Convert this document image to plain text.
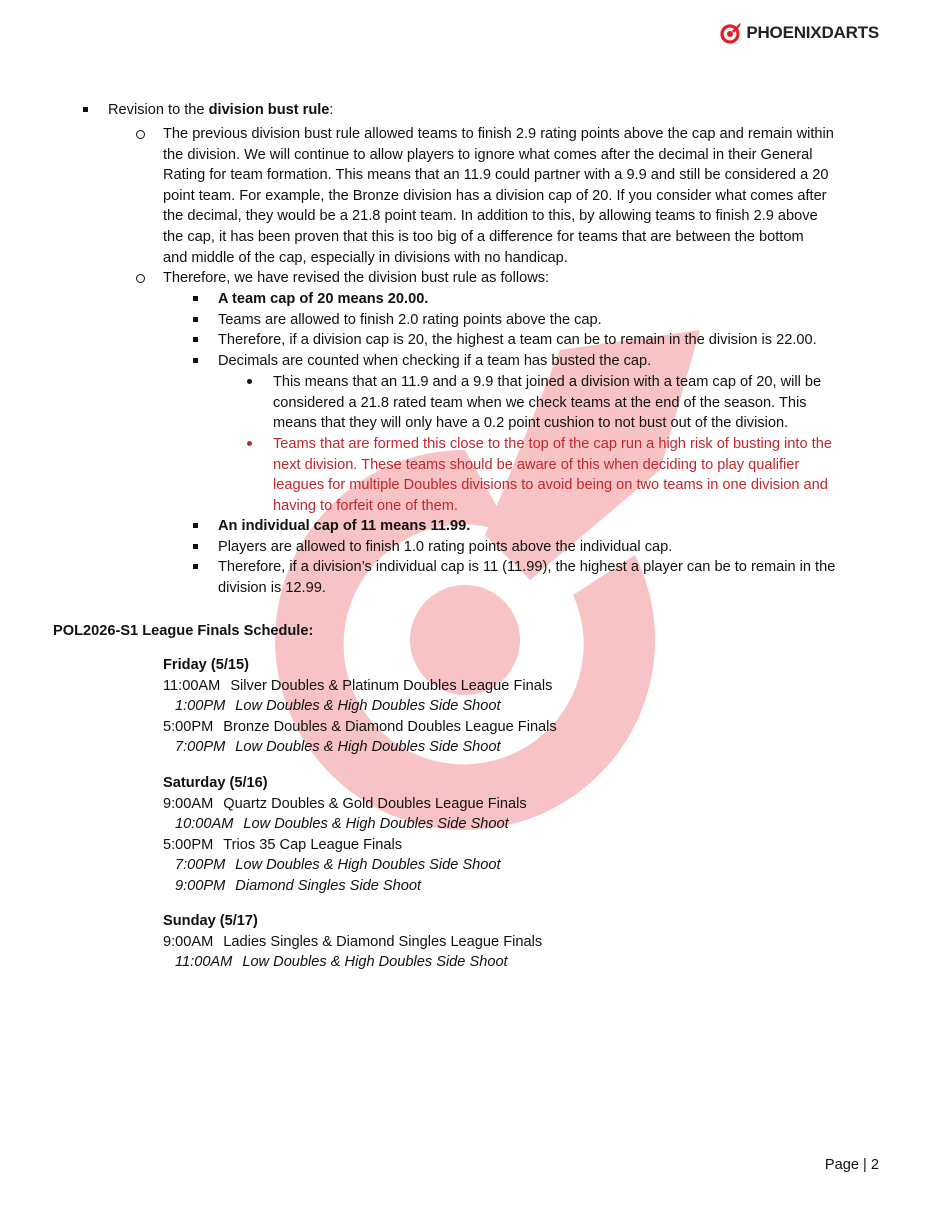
PHOENIXDARTS
Revision to the division bust rule:
The previous division bust rule allowed teams to finish 2.9 rating points above the cap and remain within
the division. We will continue to allow players to ignore what comes after the decimal in their General
Rating for team formation. This means that an 11.9 could partner with a 9.9 and still be considered a 20
point team. For example, the Bronze division has a division cap of 20. If you consider what comes after
the decimal, they would be a 21.8 point team. In addition to this, by allowing teams to finish 2.9 above
the cap, it has been proven that this is too big of a difference for teams that are between the bottom
and middle of the cap, especially in divisions with no handicap.
Therefore, we have revised the division bust rule as follows:
A team cap of 20 means 20.00.
Teams are allowed to finish 2.0 rating points above the cap.
Therefore, if a division cap is 20, the highest a team can be to remain in the division is 22.00.
Decimals are counted when checking if a team has busted the cap.
This means that an 11.9 and a 9.9 that joined a division with a team cap of 20, will be
considered a 21.8 rated team when we check teams at the end of the season. This
means that they will only have a 0.2 point cushion to not bust out of the division.
Teams that are formed this close to the top of the cap run a high risk of busting into the
next division. These teams should be aware of this when deciding to play qualifier
leagues for multiple Doubles divisions to avoid being on two teams in one division and
having to forfeit one of them.
An individual cap of 11 means 11.99.
Players are allowed to finish 1.0 rating points above the individual cap.
Therefore, if a division’s individual cap is 11 (11.99), the highest a player can be to remain in the
division is 12.99.
POL2026-S1 League Finals Schedule:
Friday (5/15)
11:00AM Silver Doubles & Platinum Doubles League Finals
1:00PM Low Doubles & High Doubles Side Shoot
5:00PM Bronze Doubles & Diamond Doubles League Finals
7:00PM Low Doubles & High Doubles Side Shoot
Saturday (5/16)
9:00AM Quartz Doubles & Gold Doubles League Finals
10:00AM Low Doubles & High Doubles Side Shoot
5:00PM Trios 35 Cap League Finals
7:00PM Low Doubles & High Doubles Side Shoot
9:00PM Diamond Singles Side Shoot
Sunday (5/17)
9:00AM Ladies Singles & Diamond Singles League Finals
11:00AM Low Doubles & High Doubles Side Shoot
Page | 2
